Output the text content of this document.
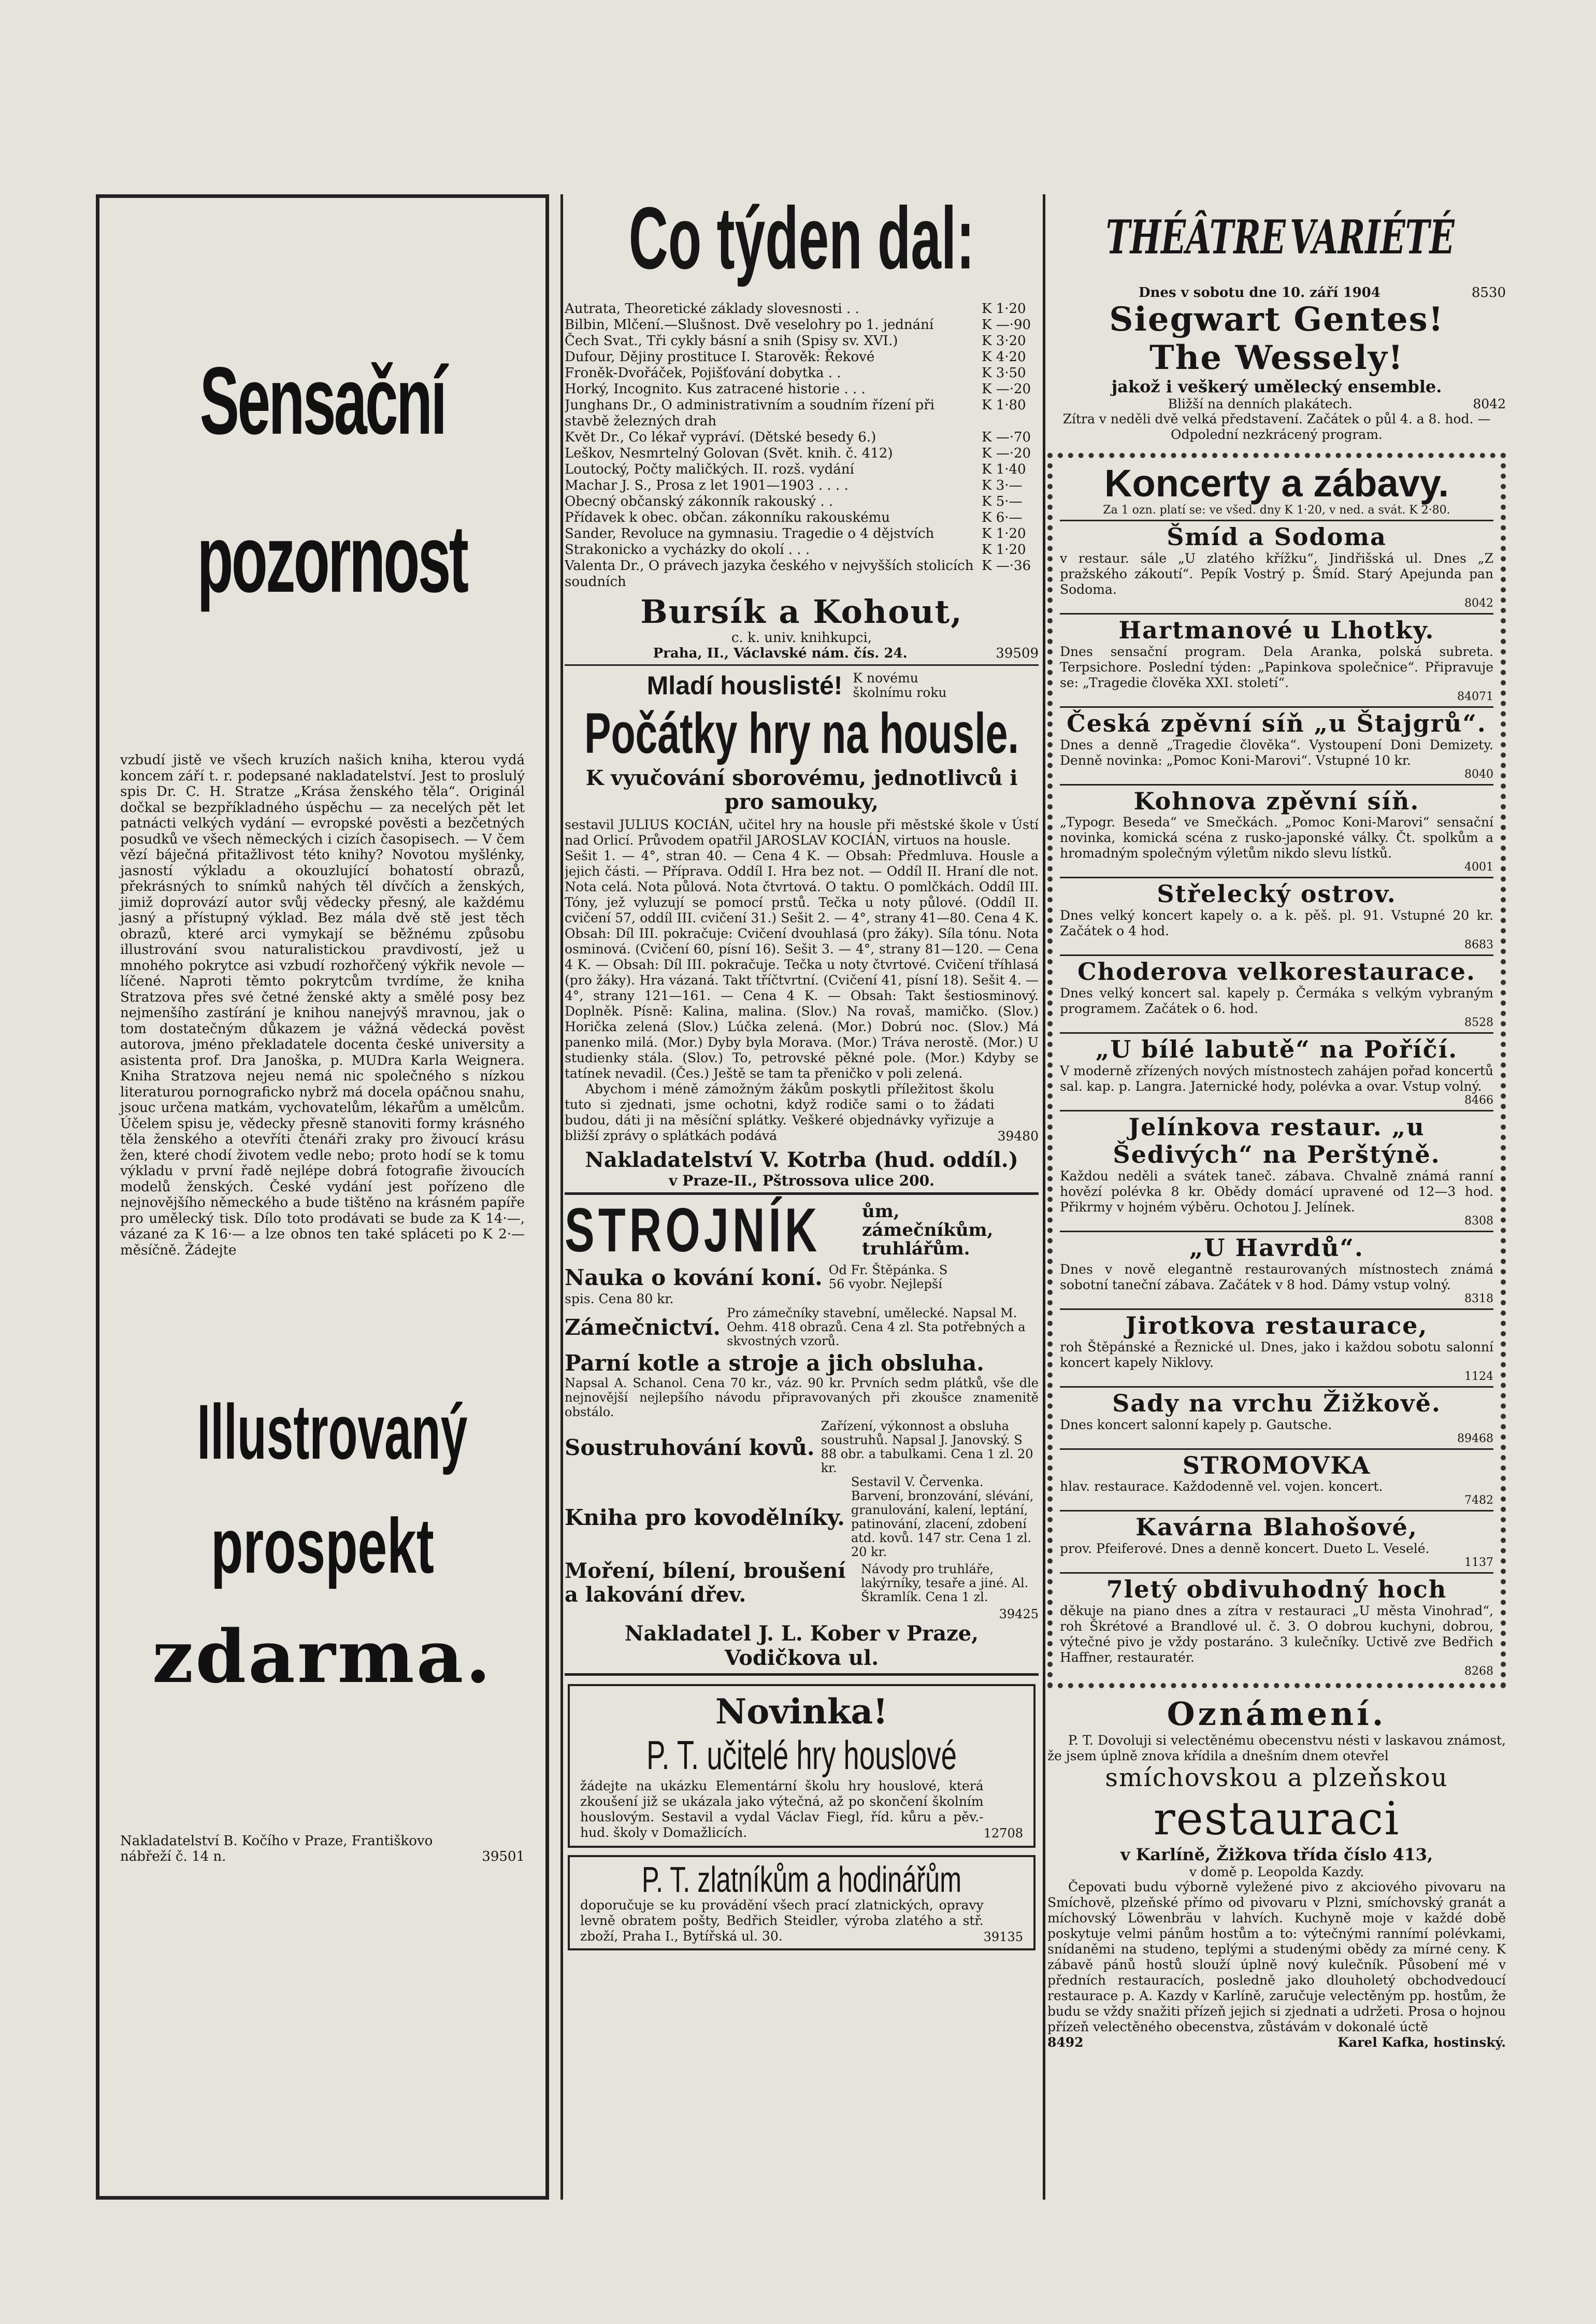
Sensační
pozornost

vzbudí jistě ve všech kruzích našich kniha, kterou vydá koncem září t. r. podepsané nakladatelství. Jest to proslulý spis Dr. C. H. Stratze „Krása ženského těla“. Originál dočkal se bezpříkladného úspěchu — za necelých pět let patnácti velkých vydání — evropské pověsti a bezčetných posudků ve všech německých i cizích časopisech. — V čem vězí báječná přitažlivost této knihy? Novotou myšlénky, jasností výkladu a okouzlující bohatostí obrazů, překrásných to snímků nahých těl dívčích a ženských, jimiž doprovází autor svůj vědecky přesný, ale každému jasný a přístupný výklad. Bez mála dvě stě jest těch obrazů, které arci vymykají se běžnému způsobu illustrování svou naturalistickou pravdivostí, jež u mnohého pokrytce asi vzbudí rozhořčený výkřik nevole — líčené. Naproti těmto pokrytcům tvrdíme, že kniha Stratzova přes své četné ženské akty a smělé posy bez nejmenšího zastírání je knihou nanejvýš mravnou, jak o tom dostatečným důkazem je vážná vědecká pověst autorova, jméno překladatele docenta české university a asistenta prof. Dra Janoška, p. MUDra Karla Weignera. Kniha Stratzova nejeu nemá nic společného s nízkou literaturou pornograficko nybrž má docela opáčnou snahu, jsouc určena matkám, vychovatelům, lékařům a umělcům. Účelem spisu je, vědecky přesně stanoviti formy krásného těla ženského a otevříti čtenáři zraky pro živoucí krásu žen, které chodí životem vedle nebo; proto hodí se k tomu výkladu v první řadě nejlépe dobrá fotografie živoucích modelů ženských. České vydání jest pořízeno dle nejnovějšího německého a bude tištěno na krásném papíře pro umělecký tisk. Dílo toto prodávati se bude za K 14·—, vázané za K 16·— a lze obnos ten také spláceti po K 2·— měsíčně. Žádejte

Illustrovaný
prospekt
zdarma.
Nakladatelství B. Kočího v Praze, Františkovo nábřeží č. 14 n.	39501
Co týden dal:
Autrata, Theoretické základy slovesnosti . .	K 1·20
Bilbin, Mlčení.—Slušnost. Dvě veselohry po 1. jednání	K —·90
Čech Svat., Tři cykly básní a snih (Spisy sv. XVI.)	K 3·20
Dufour, Dějiny prostituce I. Starověk: Řekové	K 4·20
Froněk-Dvořáček, Pojišťování dobytka . .	K 3·50
Horký, Incognito. Kus zatracené historie . . .	K —·20
Junghans Dr., O administrativním a soudním řízení při stavbě železných drah
K 1·80
Květ Dr., Co lékař vypráví. (Dětské besedy 6.)	K —·70
Leškov, Nesmrtelný Golovan (Svět. knih. č. 412)	K —·20
Loutocký, Počty maličkých. II. rozš. vydání	K 1·40
Machar J. S., Prosa z let 1901—1903 . . . .	K 3·—
Obecný občanský zákonník rakouský . .	K 5·—
Přídavek k obec. občan. zákonníku rakouskému	K 6·—
Sander, Revoluce na gymnasiu. Tragedie o 4 dějstvích	K 1·20
Strakonicko a vycházky do okolí . . .	K 1·20
Valenta Dr., O právech jazyka českého v nejvyšších stolicích soudních
K —·36
Bursík a Kohout,
c. k. univ. knihkupci,
Praha, II., Václavské nám. čís. 24.	39509
Mladí houslisté! K novému školnímu roku
Počátky hry na housle.
K vyučování sborovému, jednotlivců i pro samouky,

sestavil JULIUS KOCIÁN, učitel hry na housle při městské škole v Ústí nad Orlicí. Průvodem opatřil JAROSLAV KOCIÁN, virtuos na housle.

Sešit 1. — 4°, stran 40. — Cena 4 K. — Obsah: Předmluva. Housle a jejich části. — Příprava. Oddíl I. Hra bez not. — Oddíl II. Hraní dle not. Nota celá. Nota půlová. Nota čtvrtová. O taktu. O pomlčkách. Oddíl III. Tóny, jež vyluzují se pomocí prstů. Tečka u noty půlové. (Oddíl II. cvičení 57, oddíl III. cvičení 31.) Sešit 2. — 4°, strany 41—80. Cena 4 K. Obsah: Díl III. pokračuje: Cvičení dvouhlasá (pro žáky). Síla tónu. Nota osminová. (Cvičení 60, písní 16). Sešit 3. — 4°, strany 81—120. — Cena 4 K. — Obsah: Díl III. pokračuje. Tečka u noty čtvrtové. Cvičení tříhlasá (pro žáky). Hra vázaná. Takt tříčtvrtní. (Cvičení 41, písní 18). Sešit 4. — 4°, strany 121—161. — Cena 4 K. — Obsah: Takt šestiosminový. Doplněk. Písně: Kalina, malina. (Slov.) Na rovaš, mamičko. (Slov.) Horička zelená (Slov.) Lúčka zelená. (Mor.) Dobrú noc. (Slov.) Má panenko milá. (Mor.) Dyby byla Morava. (Mor.) Tráva nerostě. (Mor.) U studienky stála. (Slov.) To, petrovské pěkné pole. (Mor.) Kdyby se tatínek nevadil. (Čes.) Ještě se tam ta přeničko v poli zelená.

Abychom i méně zámožným žákům poskytli příležitost školu tuto si zjednati, jsme ochotni, když rodiče sami o to žádati budou, dáti ji na měsíční splátky. Veškeré objednávky vyřizuje a bližší zprávy o splátkách podává	39480
Nakladatelství V. Kotrba (hud. oddíl.)
v Praze-II., Pštrossova ulice 200.
STROJNÍK ům, zámečníkům, truhlářům.
Nauka o kování koní. Od Fr. Štěpánka. S 56 vyobr. Nejlepší
spis. Cena 80 kr.
Zámečnictví.
Pro zámečníky stavební, umělecké. Napsal M. Oehm. 418 obrazů. Cena 4 zl. Sta potřebných a skvostných vzorů.
Parní kotle a stroje a jich obsluha.

Napsal A. Schanol. Cena 70 kr., váz. 90 kr. Prvních sedm plátků, vše dle nejnovější nejlepšího návodu připravovaných při zkoušce znamenitě obstálo.

Soustruhování kovů.
Zařízení, výkonnost a obsluha soustruhů. Napsal J. Janovský. S 88 obr. a tabulkami. Cena 1 zl. 20 kr.
Kniha pro kovodělníky.
Sestavil V. Červenka. Barvení, bronzování, slévání, granulování, kalení, leptání, patinování, zlacení, zdobení atd. kovů. 147 str. Cena 1 zl. 20 kr.
Moření, bílení, broušení a lakování dřev.
Návody pro truhláře, lakýrníky, tesaře a jiné. Al. Škramlík. Cena 1 zl.
39425
Nakladatel J. L. Kober v Praze, Vodičkova ul.
Novinka!
P. T. učitelé hry houslové

žádejte na ukázku Elementární školu hry houslové, která zkoušení již se ukázala jako výtečná, až po skončení školním houslovým. Sestavil a vydal Václav Fiegl, říd. kůru a pěv.-hud. školy v Domažlicích.	12708
P. T. zlatníkům a hodinářům

doporučuje se ku provádění všech prací zlatnických, opravy levně obratem pošty, Bedřich Steidler, výroba zlatého a stř. zboží, Praha I., Bytířská ul. 30.	39135
THÉÂTRE VARIÉTÉ
Dnes v sobotu dne 10. září 1904	8530
Siegwart Gentes!
The Wessely!
jakož i veškerý umělecký ensemble.
Bližší na denních plakátech.	8042
Zítra v neděli dvě velká představení. Začátek o půl 4. a 8. hod. — Odpolední nezkrácený program.
Koncerty a zábavy.
Za 1 ozn. platí se: ve všed. dny K 1·20, v ned. a svát. K 2·80.
Šmíd a Sodoma
v restaur. sále „U zlatého křížku“, Jindřišská ul. Dnes „Z pražského zákoutí“. Pepík Vostrý p. Šmíd. Starý Apejunda pan Sodoma.
8042
Hartmanové u Lhotky.
Dnes sensační program. Dela Aranka, polská subreta. Terpsichore. Poslední týden: „Papinkova společnice“. Připravuje se: „Tragedie člověka XXI. století“.
84071
Česká zpěvní síň „u Štajgrů“.
Dnes a denně „Tragedie člověka“. Vystoupení Doni Demizety. Denně novinka: „Pomoc Koni-Marovi“. Vstupné 10 kr.
8040
Kohnova zpěvní síň.
„Typogr. Beseda“ ve Smečkách. „Pomoc Koni-Marovi“ sensační novinka, komická scéna z rusko-japonské války. Čt. spolkům a hromadným společným výletům nikdo slevu lístků.
4001
Střelecký ostrov.
Dnes velký koncert kapely o. a k. pěš. pl. 91. Vstupné 20 kr. Začátek o 4 hod.
8683
Choderova velkorestaurace.
Dnes velký koncert sal. kapely p. Čermáka s velkým vybraným programem. Začátek o 6. hod.
8528
„U bílé labutě“ na Poříčí.
V moderně zřízených nových místnostech zahájen pořad koncertů sal. kap. p. Langra. Jaternické hody, polévka a ovar. Vstup volný.
8466
Jelínkova restaur. „u Šedivých“ na Perštýně.
Každou neděli a svátek taneč. zábava. Chvalně známá ranní hovězí polévka 8 kr. Obědy domácí upravené od 12—3 hod. Přikrmy v hojném výběru. Ochotou J. Jelínek.
8308
„U Havrdů“.
Dnes v nově elegantně restaurovaných místnostech známá sobotní taneční zábava. Začátek v 8 hod. Dámy vstup volný.
8318
Jirotkova restaurace,
roh Štěpánské a Řeznické ul. Dnes, jako i každou sobotu salonní koncert kapely Niklovy.
1124
Sady na vrchu Žižkově.
Dnes koncert salonní kapely p. Gautsche.
89468
STROMOVKA
hlav. restaurace. Každodenně vel. vojen. koncert.
7482
Kavárna Blahošové,
prov. Pfeiferové. Dnes a denně koncert. Dueto L. Veselé.
1137
7letý obdivuhodný hoch
děkuje na piano dnes a zítra v restauraci „U města Vinohrad“, roh Škrétové a Brandlové ul. č. 3. O dobrou kuchyni, dobrou, výtečné pivo je vždy postaráno. 3 kulečníky. Uctivě zve Bedřich Haffner, restauratér.
8268
Oznámení.

P. T. Dovoluji si velectěnému obecenstvu nésti v laskavou známost, že jsem úplně znova křídila a dnešním dnem otevřel

smíchovskou a plzeňskou
restauraci
v Karlíně, Žižkova třída číslo 413,
v domě p. Leopolda Kazdy.

Čepovati budu výborně vyležené pivo z akciového pivovaru na Smíchově, plzeňské přímo od pivovaru v Plzni, smíchovský granát a míchovský Löwenbräu v lahvích. Kuchyně moje v každé době poskytuje velmi pánům hostům a to: výtečnými rannímí polévkami, snídaněmi na studeno, teplými a studenými obědy za mírné ceny. K zábavě pánů hostů slouží úplně nový kulečník. Působení mé v předních restauracích, posledně jako dlouholetý obchodvedoucí restaurace p. A. Kazdy v Karlíně, zaručuje velectěným pp. hostům, že budu se vždy snažiti přízeň jejich si zjednati a udržeti. Prosa o hojnou přízeň velectěného obecenstva, zůstávám v dokonalé úctě

8492	Karel Kafka, hostinský.
